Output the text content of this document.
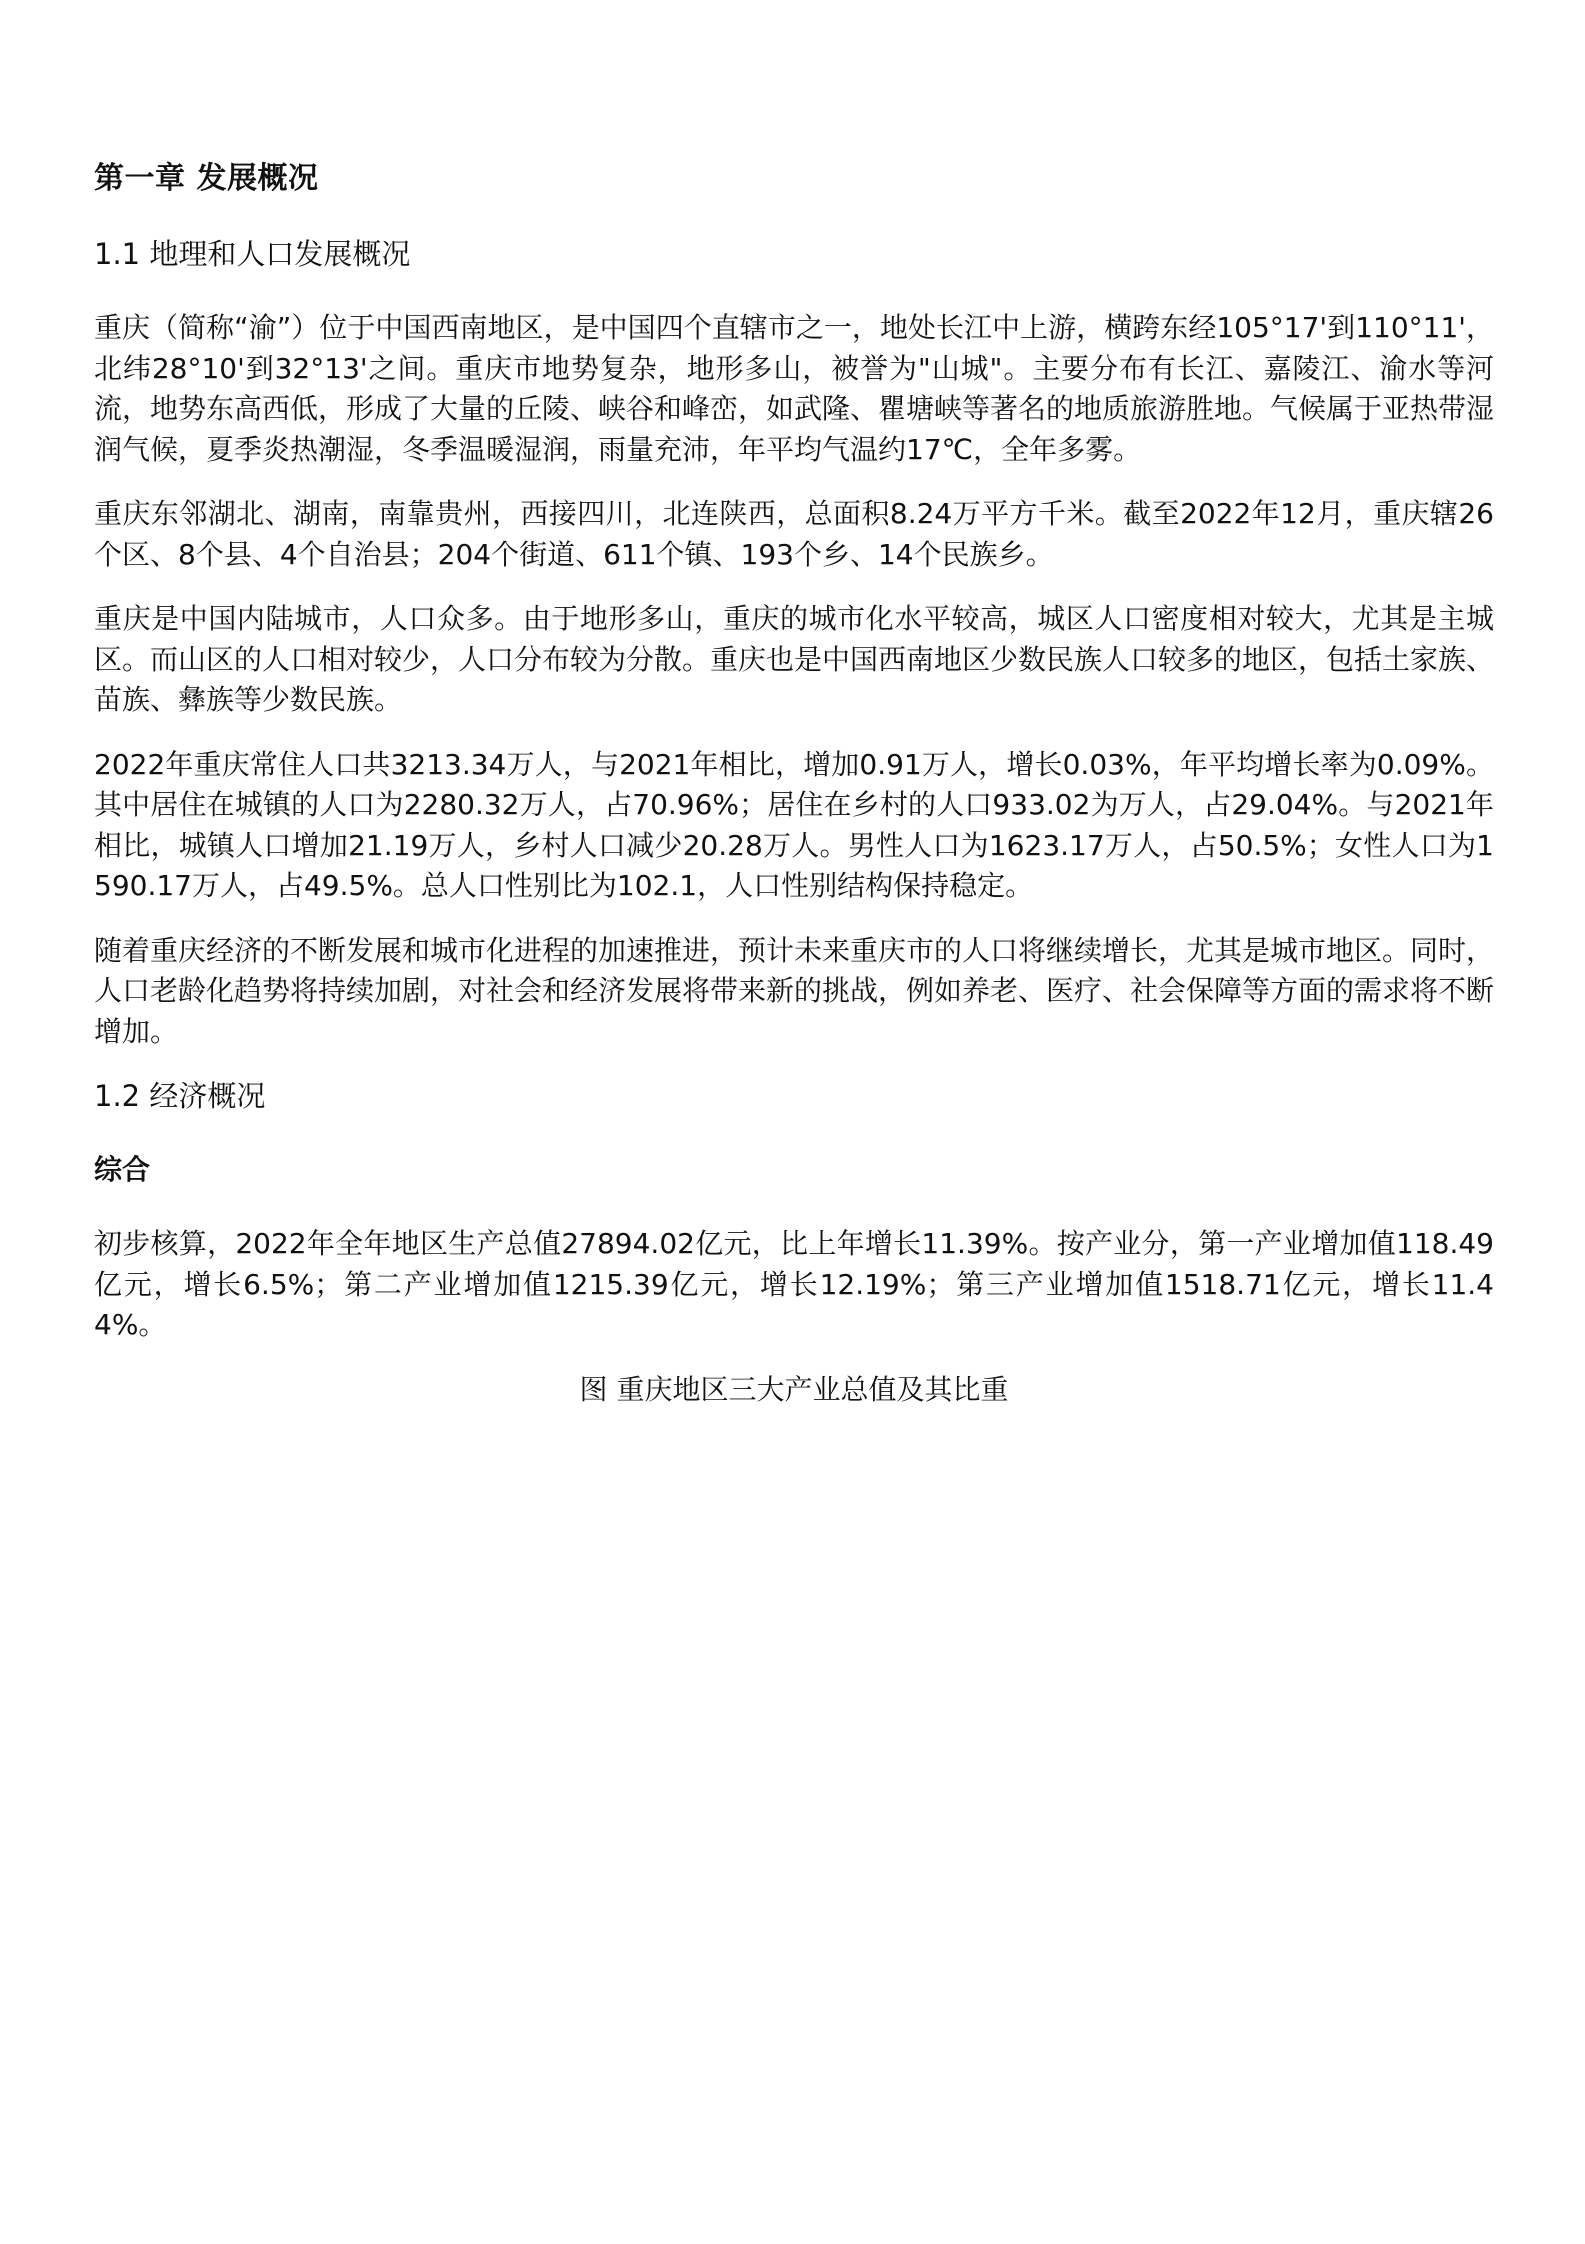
第一章 发展概况
1.1 地理和人口发展概况

重庆（简称“渝”）位于中国西南地区，是中国四个直辖市之一，地处长江中上游，横跨东经105°17'到110°11'，北纬28°10'到32°13'之间。重庆市地势复杂，地形多山，被誉为"山城"。主要分布有长江、嘉陵江、渝水等河流，地势东高西低，形成了大量的丘陵、峡谷和峰峦，如武隆、瞿塘峡等著名的地质旅游胜地。气候属于亚热带湿润气候，夏季炎热潮湿，冬季温暖湿润，雨量充沛，年平均气温约17℃，全年多雾。

重庆东邻湖北、湖南，南靠贵州，西接四川，北连陕西，总面积8.24万平方千米。截至2022年12月，重庆辖26个区、8个县、4个自治县；204个街道、611个镇、193个乡、14个民族乡。

重庆是中国内陆城市，人口众多。由于地形多山，重庆的城市化水平较高，城区人口密度相对较大，尤其是主城区。而山区的人口相对较少，人口分布较为分散。重庆也是中国西南地区少数民族人口较多的地区，包括土家族、苗族、彝族等少数民族。

2022年重庆常住人口共3213.34万人，与2021年相比，增加0.91万人，增长0.03%，年平均增长率为0.09%。其中居住在城镇的人口为2280.32万人，占70.96%；居住在乡村的人口933.02为万人，占29.04%。与2021年相比，城镇人口增加21.19万人，乡村人口减少20.28万人。男性人口为1623.17万人，占50.5%；女性人口为1590.17万人，占49.5%。总人口性别比为102.1，人口性别结构保持稳定。

随着重庆经济的不断发展和城市化进程的加速推进，预计未来重庆市的人口将继续增长，尤其是城市地区。同时，人口老龄化趋势将持续加剧，对社会和经济发展将带来新的挑战，例如养老、医疗、社会保障等方面的需求将不断增加。

1.2 经济概况
综合

初步核算，2022年全年地区生产总值27894.02亿元，比上年增长11.39%。按产业分，第一产业增加值118.49亿元，增长6.5%；第二产业增加值1215.39亿元，增长12.19%；第三产业增加值1518.71亿元，增长11.44%。

图 重庆地区三大产业总值及其比重
